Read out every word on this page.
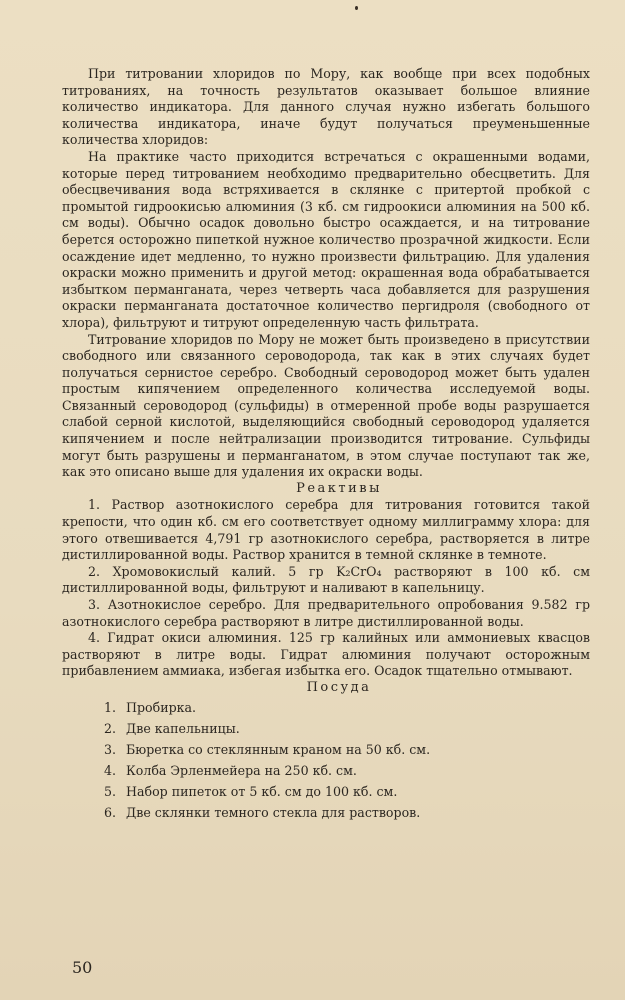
При титровании хлоридов по Мору, как вообще при всех подобных титрованиях, на точность результатов оказывает большое влияние количество индикатора. Для данного случая нужно избегать большого количества индикатора, иначе будут получаться преуменьшенные количества хлоридов:

На практике часто приходится встречаться с окрашенными водами, которые перед титрованием необходимо предварительно обесцветить. Для обесцвечивания вода встряхивается в склянке с притертой пробкой с промытой гидроокисью алюминия (3 кб. см гидроокиси алюминия на 500 кб. см воды). Обычно осадок довольно быстро осаждается, и на титрование берется осторожно пипеткой нужное количество прозрачной жидкости. Если осаждение идет медленно, то нужно произвести фильтрацию. Для удаления окраски можно применить и другой метод: окрашенная вода обрабатывается избытком перманганата, через четверть часа добавляется для разрушения окраски перманганата достаточное количество пергидроля (свободного от хлора), фильтруют и титруют определенную часть фильтрата.

Титрование хлоридов по Мору не может быть произведено в присутствии свободного или связанного сероводорода, так как в этих случаях будет получаться сернистое серебро. Свободный сероводород может быть удален простым кипячением определенного количества исследуемой воды. Связанный сероводород (сульфиды) в отмеренной пробе воды разрушается слабой серной кислотой, выделяющийся свободный сероводород удаляется кипячением и после нейтрализации производится титрование. Сульфиды могут быть разрушены и перманганатом, в этом случае поступают так же, как это описано выше для удаления их окраски воды.

Реактивы

1. Раствор азотнокислого серебра для титрования готовится такой крепости, что один кб. см его соответствует одному миллиграмму хлора: для этого отвешивается 4,791 гр азотнокислого серебра, растворяется в литре дистиллированной воды. Раствор хранится в темной склянке в темноте.

2. Хромовокислый калий. 5 гр K₂CrO₄ растворяют в 100 кб. см дистиллированной воды, фильтруют и наливают в капельницу.

3. Азотнокислое серебро. Для предварительного опробования 9.582 гр азотнокислого серебра растворяют в литре дистиллированной воды.

4. Гидрат окиси алюминия. 125 гр калийных или аммониевых квасцов растворяют в литре воды. Гидрат алюминия получают осторожным прибавлением аммиака, избегая избытка его. Осадок тщательно отмывают.

Посуда

1. Пробирка.
2. Две капельницы.
3. Бюретка со стеклянным краном на 50 кб. см.
4. Колба Эрленмейера на 250 кб. см.
5. Набор пипеток от 5 кб. см до 100 кб. см.
6. Две склянки темного стекла для растворов.
50
